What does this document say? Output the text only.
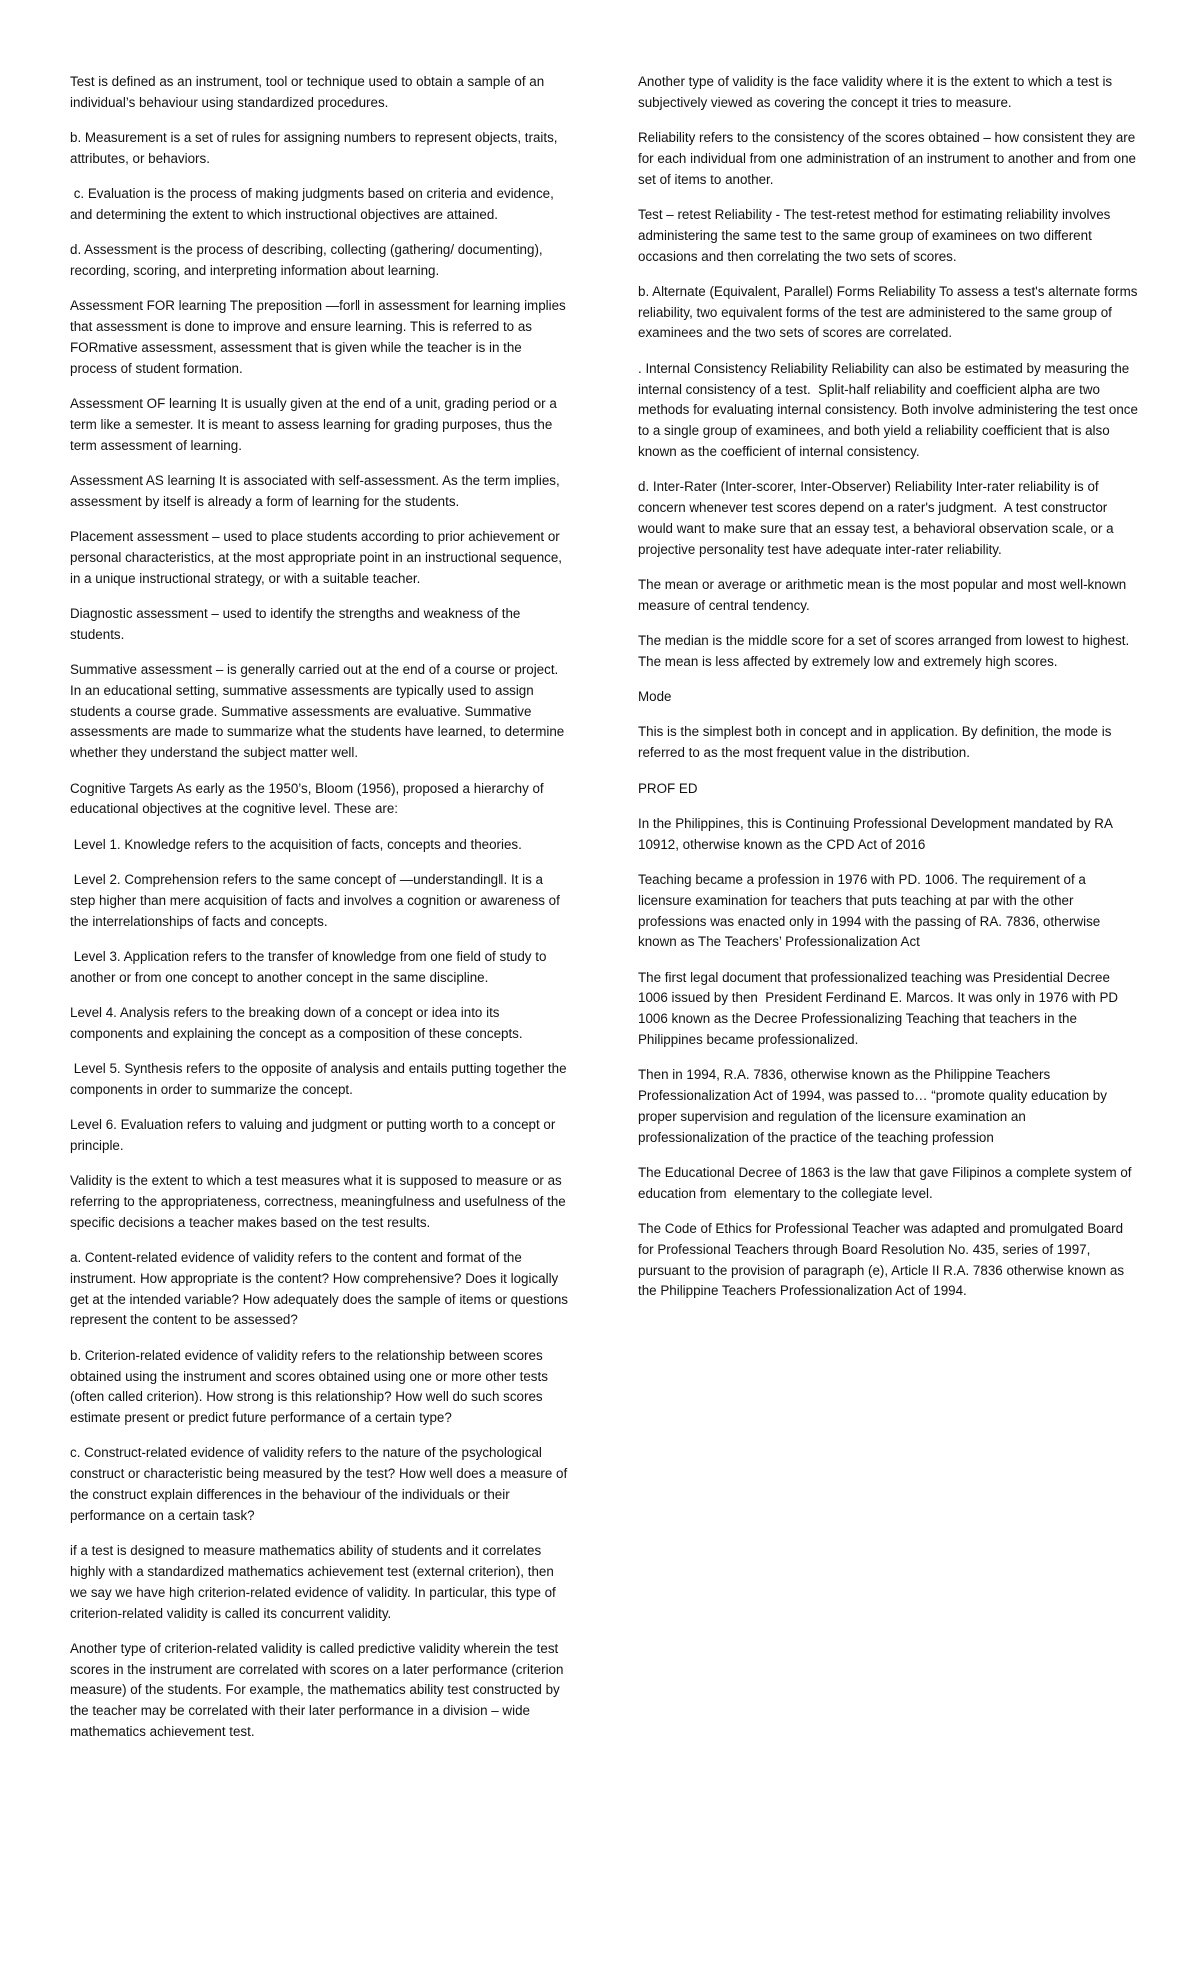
Test is defined as an instrument, tool or technique used to obtain a sample of an individual’s behaviour using standardized procedures.

b. Measurement is a set of rules for assigning numbers to represent objects, traits, attributes, or behaviors.

c. Evaluation is the process of making judgments based on criteria and evidence, and determining the extent to which instructional objectives are attained.

d. Assessment is the process of describing, collecting (gathering/ documenting), recording, scoring, and interpreting information about learning.

Assessment FOR learning The preposition ―for‖ in assessment for learning implies that assessment is done to improve and ensure learning. This is referred to as FORmative assessment, assessment that is given while the teacher is in the process of student formation.

Assessment OF learning It is usually given at the end of a unit, grading period or a term like a semester. It is meant to assess learning for grading purposes, thus the term assessment of learning.

Assessment AS learning It is associated with self-assessment. As the term implies, assessment by itself is already a form of learning for the students.

Placement assessment – used to place students according to prior achievement or personal characteristics, at the most appropriate point in an instructional sequence, in a unique instructional strategy, or with a suitable teacher.

Diagnostic assessment – used to identify the strengths and weakness of the students.

Summative assessment – is generally carried out at the end of a course or project. In an educational setting, summative assessments are typically used to assign students a course grade. Summative assessments are evaluative. Summative assessments are made to summarize what the students have learned, to determine whether they understand the subject matter well.

Cognitive Targets As early as the 1950’s, Bloom (1956), proposed a hierarchy of educational objectives at the cognitive level. These are:

Level 1. Knowledge refers to the acquisition of facts, concepts and theories.

Level 2. Comprehension refers to the same concept of ―understanding‖. It is a step higher than mere acquisition of facts and involves a cognition or awareness of the interrelationships of facts and concepts.

Level 3. Application refers to the transfer of knowledge from one field of study to another or from one concept to another concept in the same discipline.

Level 4. Analysis refers to the breaking down of a concept or idea into its components and explaining the concept as a composition of these concepts.

Level 5. Synthesis refers to the opposite of analysis and entails putting together the components in order to summarize the concept.

Level 6. Evaluation refers to valuing and judgment or putting worth to a concept or principle.

Validity is the extent to which a test measures what it is supposed to measure or as referring to the appropriateness, correctness, meaningfulness and usefulness of the specific decisions a teacher makes based on the test results.

a. Content-related evidence of validity refers to the content and format of the instrument. How appropriate is the content? How comprehensive? Does it logically get at the intended variable? How adequately does the sample of items or questions represent the content to be assessed?

b. Criterion-related evidence of validity refers to the relationship between scores obtained using the instrument and scores obtained using one or more other tests (often called criterion). How strong is this relationship? How well do such scores estimate present or predict future performance of a certain type?

c. Construct-related evidence of validity refers to the nature of the psychological construct or characteristic being measured by the test? How well does a measure of the construct explain differences in the behaviour of the individuals or their performance on a certain task?

if a test is designed to measure mathematics ability of students and it correlates highly with a standardized mathematics achievement test (external criterion), then we say we have high criterion-related evidence of validity. In particular, this type of criterion-related validity is called its concurrent validity.

Another type of criterion-related validity is called predictive validity wherein the test scores in the instrument are correlated with scores on a later performance (criterion measure) of the students. For example, the mathematics ability test constructed by the teacher may be correlated with their later performance in a division – wide mathematics achievement test.

Another type of validity is the face validity where it is the extent to which a test is subjectively viewed as covering the concept it tries to measure.

Reliability refers to the consistency of the scores obtained – how consistent they are for each individual from one administration of an instrument to another and from one set of items to another.

Test – retest Reliability - The test-retest method for estimating reliability involves administering the same test to the same group of examinees on two different occasions and then correlating the two sets of scores.

b. Alternate (Equivalent, Parallel) Forms Reliability To assess a test's alternate forms reliability, two equivalent forms of the test are administered to the same group of examinees and the two sets of scores are correlated.

. Internal Consistency Reliability Reliability can also be estimated by measuring the internal consistency of a test.  Split-half reliability and coefficient alpha are two methods for evaluating internal consistency. Both involve administering the test once to a single group of examinees, and both yield a reliability coefficient that is also known as the coefficient of internal consistency.

d. Inter-Rater (Inter-scorer, Inter-Observer) Reliability Inter-rater reliability is of concern whenever test scores depend on a rater's judgment.  A test constructor would want to make sure that an essay test, a behavioral observation scale, or a projective personality test have adequate inter-rater reliability.

The mean or average or arithmetic mean is the most popular and most well-known measure of central tendency.

The median is the middle score for a set of scores arranged from lowest to highest. The mean is less affected by extremely low and extremely high scores.

Mode

This is the simplest both in concept and in application. By definition, the mode is referred to as the most frequent value in the distribution.

PROF ED

In the Philippines, this is Continuing Professional Development mandated by RA 10912, otherwise known as the CPD Act of 2016

Teaching became a profession in 1976 with PD. 1006. The requirement of a licensure examination for teachers that puts teaching at par with the other professions was enacted only in 1994 with the passing of RA. 7836, otherwise known as The Teachers’ Professionalization Act

The first legal document that professionalized teaching was Presidential Decree 1006 issued by then  President Ferdinand E. Marcos. It was only in 1976 with PD 1006 known as the Decree Professionalizing Teaching that teachers in the Philippines became professionalized.

Then in 1994, R.A. 7836, otherwise known as the Philippine Teachers Professionalization Act of 1994, was passed to… “promote quality education by proper supervision and regulation of the licensure examination an professionalization of the practice of the teaching profession

The Educational Decree of 1863 is the law that gave Filipinos a complete system of education from  elementary to the collegiate level.

The Code of Ethics for Professional Teacher was adapted and promulgated Board for Professional Teachers through Board Resolution No. 435, series of 1997, pursuant to the provision of paragraph (e), Article II R.A. 7836 otherwise known as the Philippine Teachers Professionalization Act of 1994.
